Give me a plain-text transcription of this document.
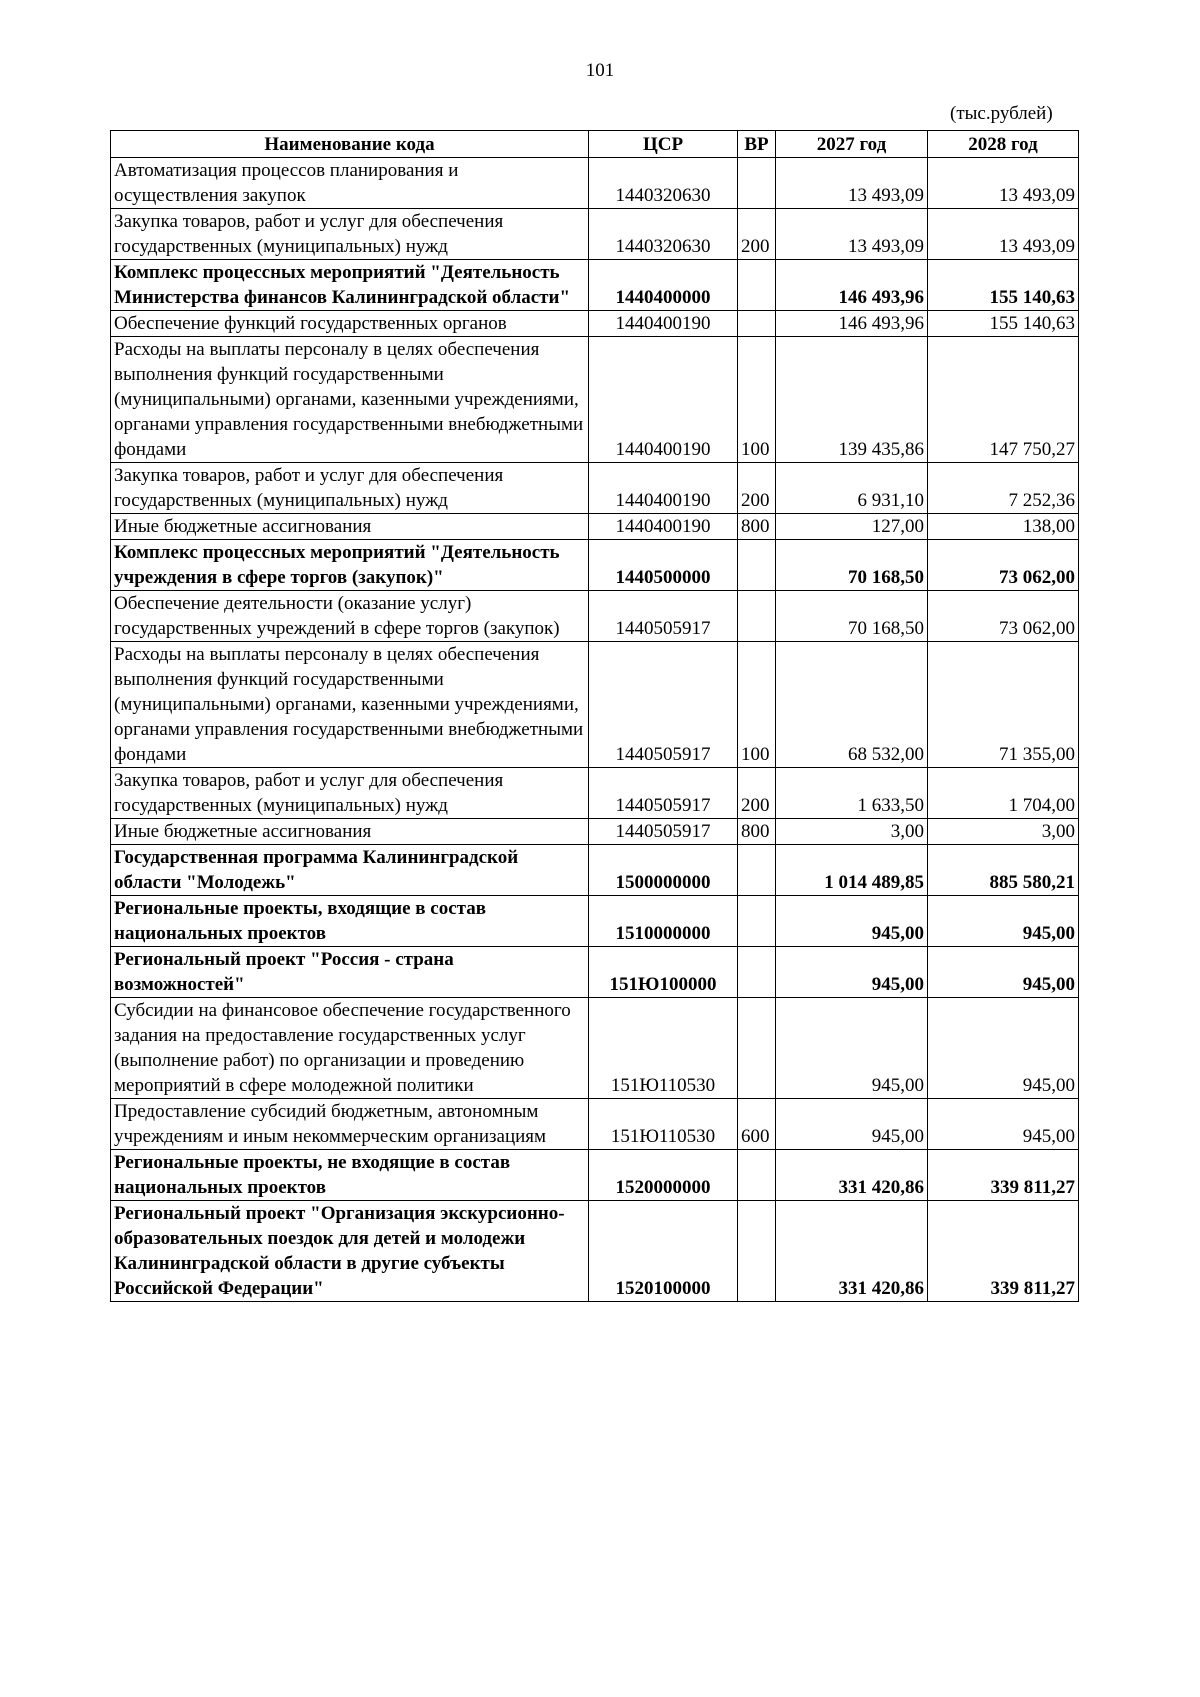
101
(тыс.рублей)
Наименование кода	ЦСР	ВР	2027 год	2028 год
Автоматизация процессов планирования и осуществления закупок	1440320630		13 493,09	13 493,09
Закупка товаров, работ и услуг для обеспечения государственных (муниципальных) нужд	1440320630	200	13 493,09	13 493,09
Комплекс процессных мероприятий "Деятельность Министерства финансов Калининградской области"	1440400000		146 493,96	155 140,63
Обеспечение функций государственных органов	1440400190		146 493,96	155 140,63
Расходы на выплаты персоналу в целях обеспечения выполнения функций государственными (муниципальными) органами, казенными учреждениями, органами управления государственными внебюджетными фондами	1440400190	100	139 435,86	147 750,27
Закупка товаров, работ и услуг для обеспечения государственных (муниципальных) нужд	1440400190	200	6 931,10	7 252,36
Иные бюджетные ассигнования	1440400190	800	127,00	138,00
Комплекс процессных мероприятий "Деятельность учреждения в сфере торгов (закупок)"	1440500000		70 168,50	73 062,00
Обеспечение деятельности (оказание услуг) государственных учреждений в сфере торгов (закупок)	1440505917		70 168,50	73 062,00
Расходы на выплаты персоналу в целях обеспечения выполнения функций государственными (муниципальными) органами, казенными учреждениями, органами управления государственными внебюджетными фондами	1440505917	100	68 532,00	71 355,00
Закупка товаров, работ и услуг для обеспечения государственных (муниципальных) нужд	1440505917	200	1 633,50	1 704,00
Иные бюджетные ассигнования	1440505917	800	3,00	3,00
Государственная программа Калининградской области "Молодежь"	1500000000		1 014 489,85	885 580,21
Региональные проекты, входящие в состав национальных проектов	1510000000		945,00	945,00
Региональный проект "Россия - страна возможностей"	151Ю100000		945,00	945,00
Субсидии на финансовое обеспечение государственного задания на предоставление государственных услуг (выполнение работ) по организации и проведению мероприятий в сфере молодежной политики	151Ю110530		945,00	945,00
Предоставление субсидий бюджетным, автономным учреждениям и иным некоммерческим организациям	151Ю110530	600	945,00	945,00
Региональные проекты, не входящие в состав национальных проектов	1520000000		331 420,86	339 811,27
Региональный проект "Организация экскурсионно-образовательных поездок для детей и молодежи Калининградской области в другие субъекты Российской Федерации"	1520100000		331 420,86	339 811,27
